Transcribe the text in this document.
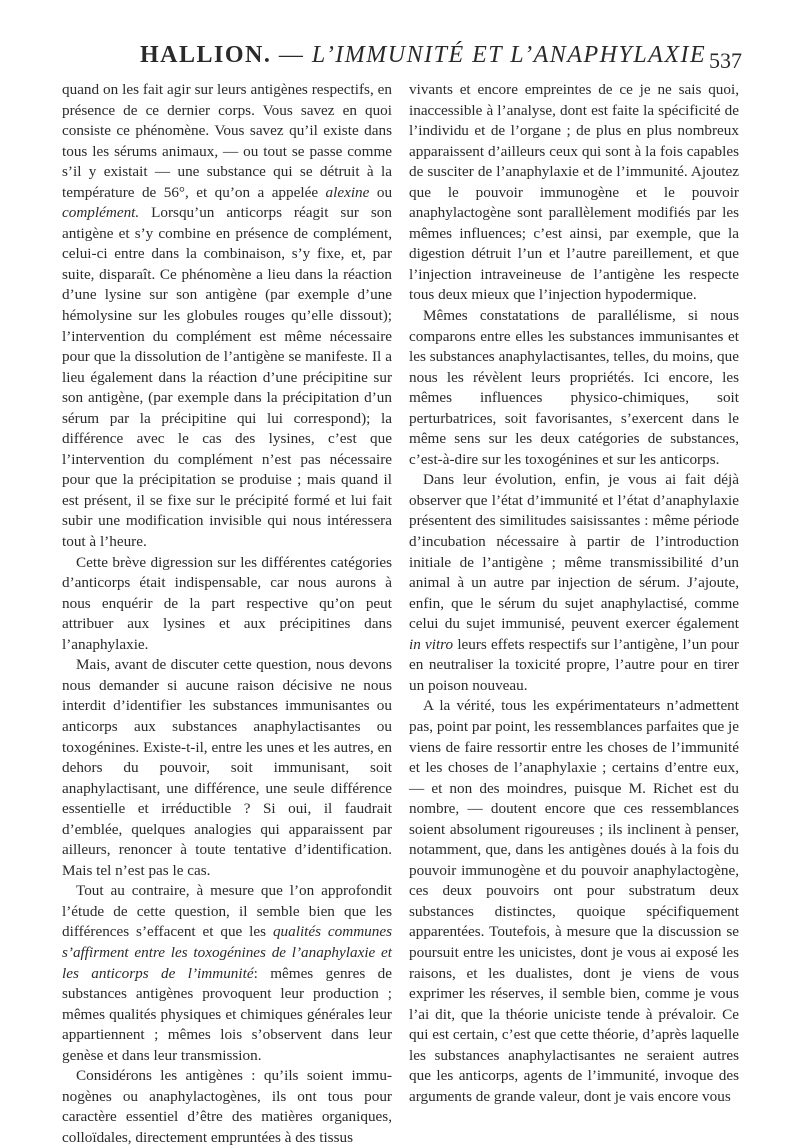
HALLION. — L’IMMUNITÉ ET L’ANAPHYLAXIE 537

quand on les fait agir sur leurs antigènes respectifs, en présence de ce dernier corps. Vous savez en quoi consiste ce phénomène. Vous savez qu’il existe dans tous les sérums animaux, — ou tout se passe comme s’il y existait — une substance qui se détruit à la température de 56°, et qu’on a appelée alexine ou complément. Lorsqu’un anticorps réagit sur son antigène et s’y combine en présence de complément, celui-ci entre dans la combinaison, s’y fixe, et, par suite, disparaît. Ce phénomène a lieu dans la réaction d’une lysine sur son antigène (par exemple d’une hémolysine sur les globules rouges qu’elle dissout); l’intervention du complément est même nécessaire pour que la dissolution de l’antigène se manifeste. Il a lieu également dans la réaction d’une précipitine sur son antigène, (par exemple dans la précipitation d’un sérum par la précipitine qui lui correspond); la différence avec le cas des lysines, c’est que l’intervention du complément n’est pas nécessaire pour que la précipitation se produise ; mais quand il est présent, il se fixe sur le précipité formé et lui fait subir une modification invisible qui nous intéressera tout à l’heure.

Cette brève digression sur les différentes catégories d’anticorps était indispensable, car nous aurons à nous enquérir de la part respective qu’on peut attribuer aux lysines et aux précipitines dans l’anaphylaxie.

Mais, avant de discuter cette question, nous devons nous demander si aucune raison décisive ne nous interdit d’identifier les substances immunisantes ou anticorps aux substances anaphylactisantes ou toxogénines. Existe-t-il, entre les unes et les autres, en dehors du pouvoir, soit immunisant, soit anaphylactisant, une différence, une seule différence essentielle et irréductible ? Si oui, il faudrait d’emblée, quelques analogies qui apparaissent par ailleurs, renoncer à toute tentative d’identification. Mais tel n’est pas le cas.

Tout au contraire, à mesure que l’on approfondit l’étude de cette question, il semble bien que les différences s’effacent et que les qualités communes s’affirment entre les toxogénines de l’anaphylaxie et les anticorps de l’immunité: mêmes genres de substances antigènes provoquent leur production ; mêmes qualités physiques et chimiques générales leur appartiennent ; mêmes lois s’observent dans leur genèse et dans leur transmission.

Considérons les antigènes : qu’ils soient immunogènes ou anaphylactogènes, ils ont tous pour caractère essentiel d’être des matières organiques, colloïdales, directement empruntées à des tissus

vivants et encore empreintes de ce je ne sais quoi, inaccessible à l’analyse, dont est faite la spécificité de l’individu et de l’organe ; de plus en plus nombreux apparaissent d’ailleurs ceux qui sont à la fois capables de susciter de l’anaphylaxie et de l’immunité. Ajoutez que le pouvoir immunogène et le pouvoir anaphylactogène sont parallèlement modifiés par les mêmes influences; c’est ainsi, par exemple, que la digestion détruit l’un et l’autre pareillement, et que l’injection intraveineuse de l’antigène les respecte tous deux mieux que l’injection hypodermique.

Mêmes constatations de parallélisme, si nous comparons entre elles les substances immunisantes et les substances anaphylactisantes, telles, du moins, que nous les révèlent leurs propriétés. Ici encore, les mêmes influences physico-chimiques, soit perturbatrices, soit favorisantes, s’exercent dans le même sens sur les deux catégories de substances, c’est-à-dire sur les toxogénines et sur les anticorps.

Dans leur évolution, enfin, je vous ai fait déjà observer que l’état d’immunité et l’état d’anaphylaxie présentent des similitudes saisissantes : même période d’incubation nécessaire à partir de l’introduction initiale de l’antigène ; même transmissibilité d’un animal à un autre par injection de sérum. J’ajoute, enfin, que le sérum du sujet anaphylactisé, comme celui du sujet immunisé, peuvent exercer également in vitro leurs effets respectifs sur l’antigène, l’un pour en neutraliser la toxicité propre, l’autre pour en tirer un poison nouveau.

A la vérité, tous les expérimentateurs n’admettent pas, point par point, les ressemblances parfaites que je viens de faire ressortir entre les choses de l’immunité et les choses de l’anaphylaxie ; certains d’entre eux, — et non des moindres, puisque M. Richet est du nombre, — doutent encore que ces ressemblances soient absolument rigoureuses ; ils inclinent à penser, notamment, que, dans les antigènes doués à la fois du pouvoir immunogène et du pouvoir anaphylactogène, ces deux pouvoirs ont pour substratum deux substances distinctes, quoique spécifiquement apparentées. Toutefois, à mesure que la discussion se poursuit entre les unicistes, dont je vous ai exposé les raisons, et les dualistes, dont je viens de vous exprimer les réserves, il semble bien, comme je vous l’ai dit, que la théorie uniciste tende à prévaloir. Ce qui est certain, c’est que cette théorie, d’après laquelle les substances anaphylactisantes ne seraient autres que les anticorps, agents de l’immunité, invoque des arguments de grande valeur, dont je vais encore vous
